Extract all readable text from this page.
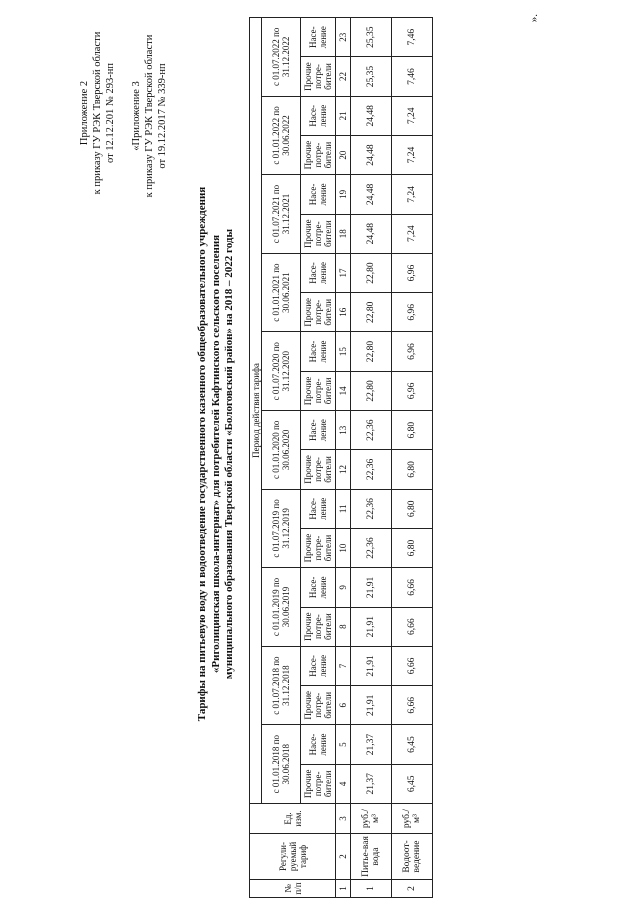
Приложение 2 к приказу ГУ РЭК Тверской области от 12.12.201 № 293-нп «Приложение 3 к приказу ГУ РЭК Тверской области от 19.12.2017 № 339-нп
Тарифы на питьевую воду и водоотведение государственного казенного общеобразовательного учреждения «Риголицинская школа-интернат» для потребителей Кафтинского сельского поселения муниципального образования Тверской области «Бологовский район» на 2018 – 2022 годы
№ п/п	Регули-руемый тариф	Ед. изм.	Период действия тарифа																			
			с 01.01.2018 по 30.06.2018		с 01.07.2018 по 31.12.2018		с 01.01.2019 по 30.06.2019		с 01.07.2019 по 31.12.2019		с 01.01.2020 по 30.06.2020		с 01.07.2020 по 31.12.2020		с 01.01.2021 по 30.06.2021		с 01.07.2021 по 31.12.2021		с 01.01.2022 по 30.06.2022		с 01.07.2022 по 31.12.2022	
			Прочие потре-бители	Насе-ление	Прочие потре-бители	Насе-ление	Прочие потре-бители	Насе-ление	Прочие потре-бители	Насе-ление	Прочие потре-бители	Насе-ление	Прочие потре-бители	Насе-ление	Прочие потре-бители	Насе-ление	Прочие потре-бители	Насе-ление	Прочие потре-бители	Насе-ление	Прочие потре-бители	Насе-ление
1	2	3	4	5	6	7	8	9	10	11	12	13	14	15	16	17	18	19	20	21	22	23
1	Питье-вая вода	руб./м³	21,37	21,37	21,91	21,91	21,91	21,91	22,36	22,36	22,36	22,36	22,80	22,80	22,80	22,80	24,48	24,48	24,48	24,48	25,35	25,35
2	Водоот-ведение	руб./м³	6,45	6,45	6,66	6,66	6,66	6,66	6,80	6,80	6,80	6,80	6,96	6,96	6,96	6,96	7,24	7,24	7,24	7,24	7,46	7,46
».
